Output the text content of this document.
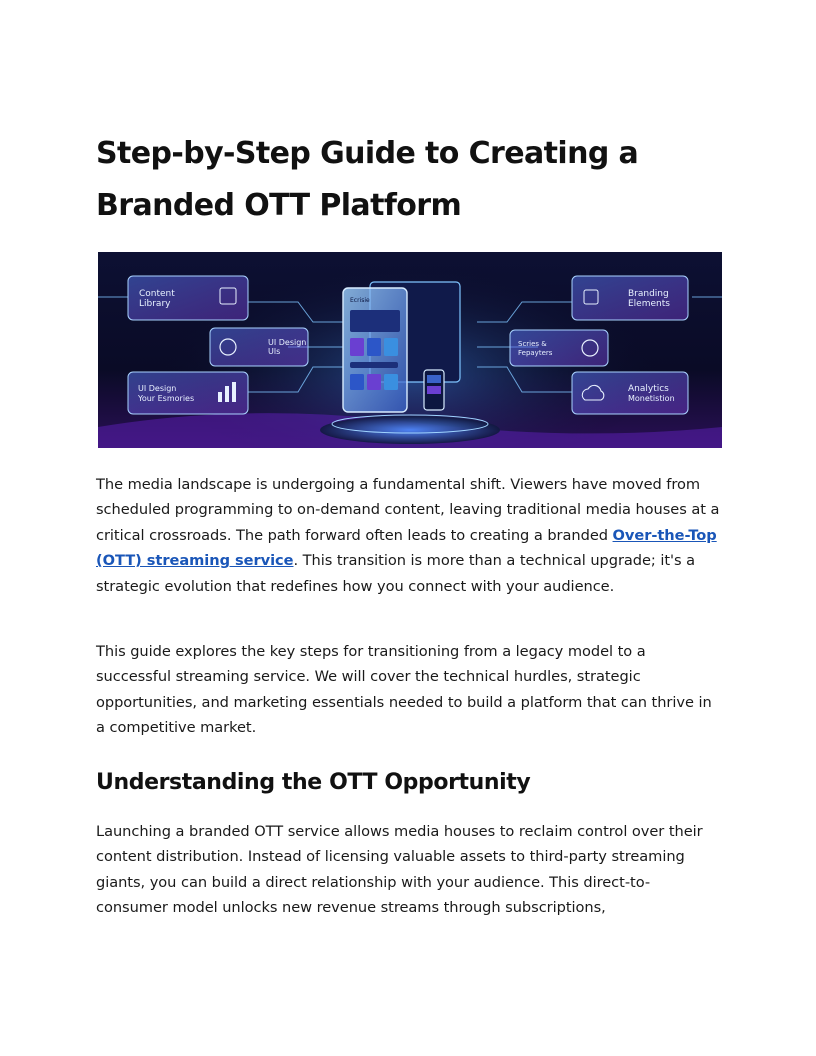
Step-by-Step Guide to Creating a Branded OTT Platform
Content
Library
UI Design
Uls
UI Design
Your Esmories
Branding
Elements
Scries &
Fepayters
Analytics
Monetistion
Ecrisie

The media landscape is undergoing a fundamental shift. Viewers have moved from scheduled programming to on-demand content, leaving traditional media houses at a critical crossroads. The path forward often leads to creating a branded Over-the-Top (OTT) streaming service. This transition is more than a technical upgrade; it's a strategic evolution that redefines how you connect with your audience.

This guide explores the key steps for transitioning from a legacy model to a successful streaming service. We will cover the technical hurdles, strategic opportunities, and marketing essentials needed to build a platform that can thrive in a competitive market.

Understanding the OTT Opportunity

Launching a branded OTT service allows media houses to reclaim control over their content distribution. Instead of licensing valuable assets to third-party streaming giants, you can build a direct relationship with your audience. This direct-to-consumer model unlocks new revenue streams through subscriptions,
